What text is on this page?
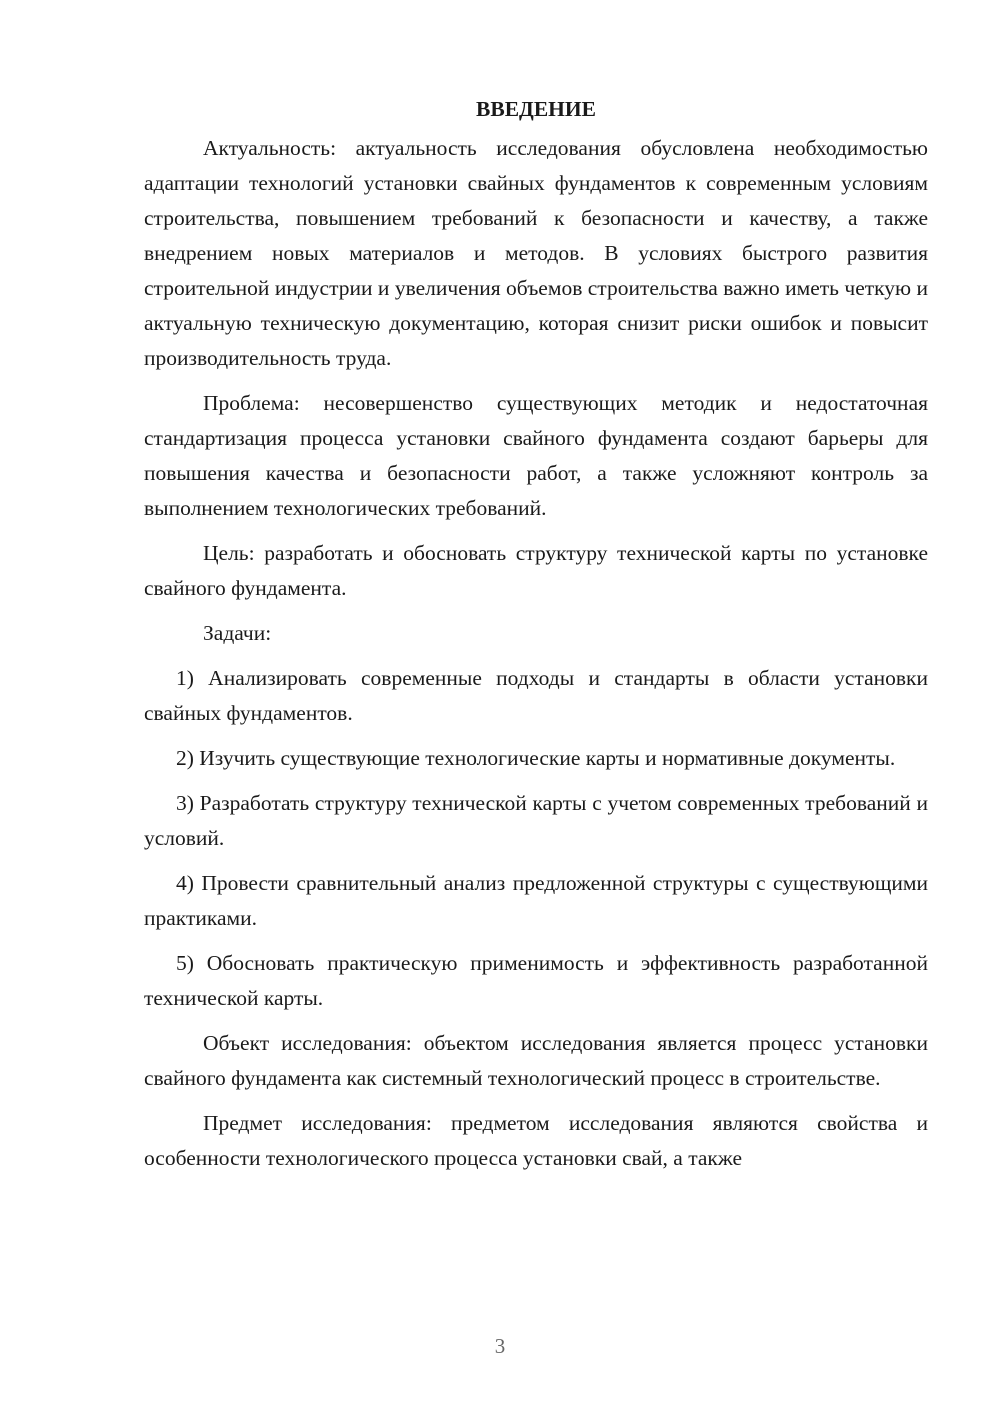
ВВЕДЕНИЕ

Актуальность: актуальность исследования обусловлена необходимостью адаптации технологий установки свайных фундаментов к современным условиям строительства, повышением требований к безопасности и качеству, а также внедрением новых материалов и методов. В условиях быстрого развития строительной индустрии и увеличения объемов строительства важно иметь четкую и актуальную техническую документацию, которая снизит риски ошибок и повысит производительность труда.

Проблема: несовершенство существующих методик и недостаточная стандартизация процесса установки свайного фундамента создают барьеры для повышения качества и безопасности работ, а также усложняют контроль за выполнением технологических требований.

Цель: разработать и обосновать структуру технической карты по установке свайного фундамента.

Задачи:

1) Анализировать современные подходы и стандарты в области установки свайных фундаментов.

2) Изучить существующие технологические карты и нормативные документы.

3) Разработать структуру технической карты с учетом современных требований и условий.

4) Провести сравнительный анализ предложенной структуры с существующими практиками.

5) Обосновать практическую применимость и эффективность разработанной технической карты.

Объект исследования: объектом исследования является процесс установки свайного фундамента как системный технологический процесс в строительстве.

Предмет исследования: предметом исследования являются свойства и особенности технологического процесса установки свай, а также

3
